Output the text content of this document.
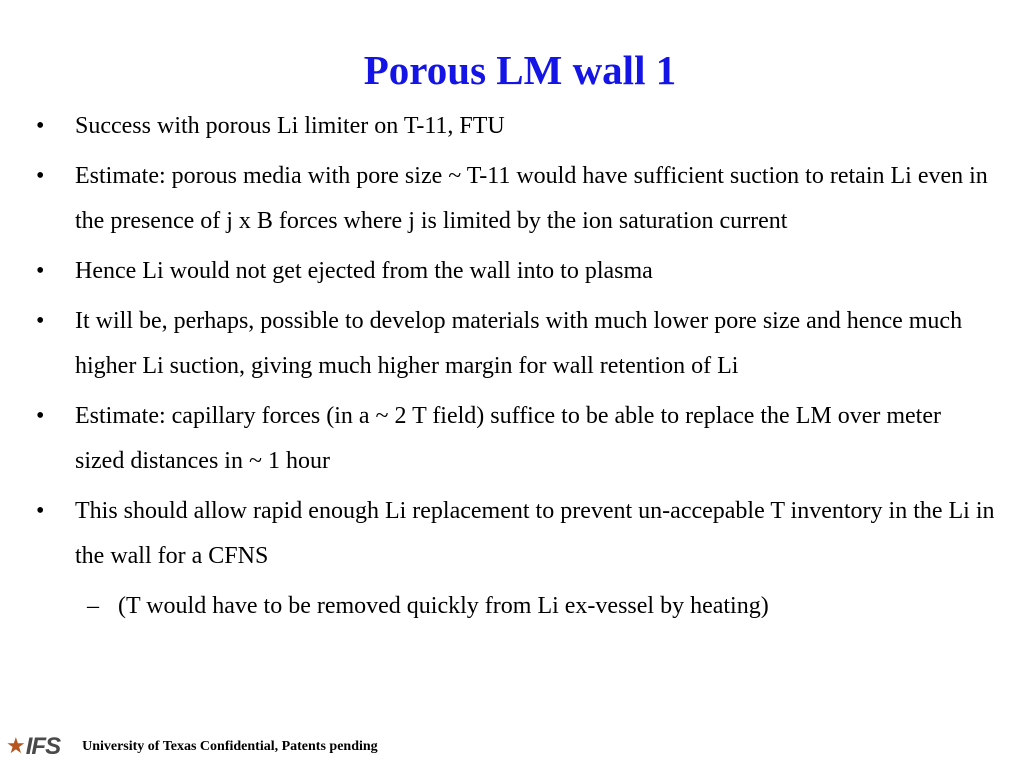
Porous LM wall 1
• Success with porous Li limiter on T-11, FTU
• Estimate: porous media with pore size ~ T-11 would have sufficient suction to retain Li even in the presence of j x B forces where j is limited by the ion saturation current
• Hence Li would not get ejected from the wall into to plasma
• It will be, perhaps, possible to develop materials with much lower pore size and hence much higher Li suction, giving much higher margin for wall retention of Li
• Estimate: capillary forces (in a ~ 2 T field) suffice to be able to replace the LM over meter sized distances in ~ 1 hour
• This should allow rapid enough Li replacement to prevent un-accepable T inventory in the Li in the wall for a CFNS
– (T would have to be removed quickly from Li ex-vessel by heating)
★ IFS University of Texas Confidential, Patents pending
